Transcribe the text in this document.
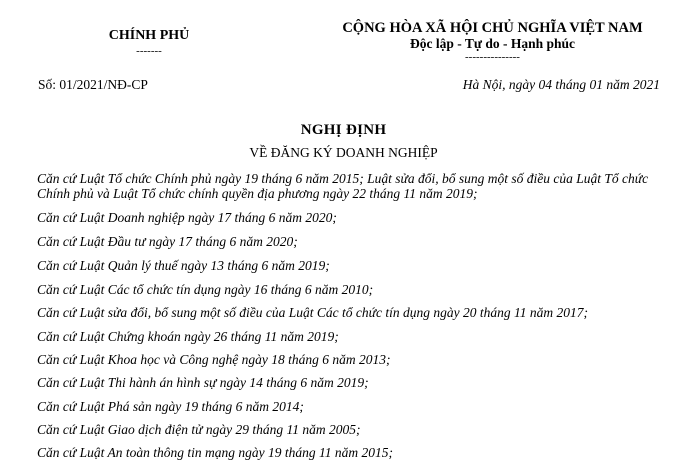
CHÍNH PHỦ
-------
CỘNG HÒA XÃ HỘI CHỦ NGHĨA VIỆT NAM
Độc lập - Tự do - Hạnh phúc
---------------
Số: 01/2021/NĐ-CP	Hà Nội, ngày 04 tháng 01 năm 2021
NGHỊ ĐỊNH
VỀ ĐĂNG KÝ DOANH NGHIỆP
Căn cứ Luật Tổ chức Chính phủ ngày 19 tháng 6 năm 2015; Luật sửa đổi, bổ sung một số điều của Luật Tổ chức
Chính phủ và Luật Tổ chức chính quyền địa phương ngày 22 tháng 11 năm 2019;
Căn cứ Luật Doanh nghiệp ngày 17 tháng 6 năm 2020;
Căn cứ Luật Đầu tư ngày 17 tháng 6 năm 2020;
Căn cứ Luật Quản lý thuế ngày 13 tháng 6 năm 2019;
Căn cứ Luật Các tổ chức tín dụng ngày 16 tháng 6 năm 2010;
Căn cứ Luật sửa đổi, bổ sung một số điều của Luật Các tổ chức tín dụng ngày 20 tháng 11 năm 2017;
Căn cứ Luật Chứng khoán ngày 26 tháng 11 năm 2019;
Căn cứ Luật Khoa học và Công nghệ ngày 18 tháng 6 năm 2013;
Căn cứ Luật Thi hành án hình sự ngày 14 tháng 6 năm 2019;
Căn cứ Luật Phá sản ngày 19 tháng 6 năm 2014;
Căn cứ Luật Giao dịch điện tử ngày 29 tháng 11 năm 2005;
Căn cứ Luật An toàn thông tin mạng ngày 19 tháng 11 năm 2015;
